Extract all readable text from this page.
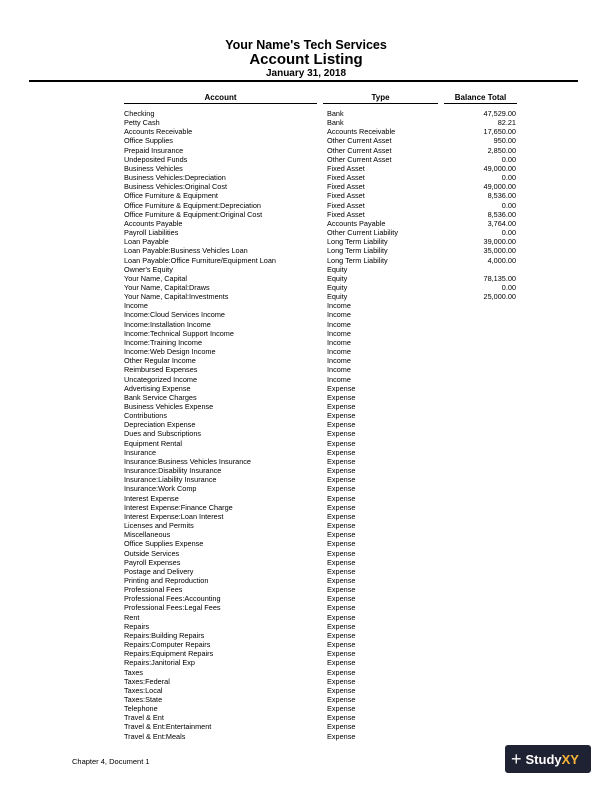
Your Name's Tech Services
Account Listing
January 31, 2018
Account	Type	Balance Total
Checking	Bank	47,529.00
Petty Cash	Bank	82.21
Accounts Receivable	Accounts Receivable	17,650.00
Office Supplies	Other Current Asset	950.00
Prepaid Insurance	Other Current Asset	2,850.00
Undeposited Funds	Other Current Asset	0.00
Business Vehicles	Fixed Asset	49,000.00
Business Vehicles:Depreciation	Fixed Asset	0.00
Business Vehicles:Original Cost	Fixed Asset	49,000.00
Office Furniture & Equipment	Fixed Asset	8,536.00
Office Furniture & Equipment:Depreciation	Fixed Asset	0.00
Office Furniture & Equipment:Original Cost	Fixed Asset	8,536.00
Accounts Payable	Accounts Payable	3,764.00
Payroll Liabilities	Other Current Liability	0.00
Loan Payable	Long Term Liability	39,000.00
Loan Payable:Business Vehicles Loan	Long Term Liability	35,000.00
Loan Payable:Office Furniture/Equipment Loan	Long Term Liability	4,000.00
Owner's Equity	Equity
Your Name, Capital	Equity	78,135.00
Your Name, Capital:Draws	Equity	0.00
Your Name, Capital:Investments	Equity	25,000.00
Income	Income
Income:Cloud Services Income	Income
Income:Installation Income	Income
Income:Technical Support Income	Income
Income:Training Income	Income
Income:Web Design Income	Income
Other Regular Income	Income
Reimbursed Expenses	Income
Uncategorized Income	Income
Advertising Expense	Expense
Bank Service Charges	Expense
Business Vehicles Expense	Expense
Contributions	Expense
Depreciation Expense	Expense
Dues and Subscriptions	Expense
Equipment Rental	Expense
Insurance	Expense
Insurance:Business Vehicles Insurance	Expense
Insurance:Disability Insurance	Expense
Insurance:Liability Insurance	Expense
Insurance:Work Comp	Expense
Interest Expense	Expense
Interest Expense:Finance Charge	Expense
Interest Expense:Loan Interest	Expense
Licenses and Permits	Expense
Miscellaneous	Expense
Office Supplies Expense	Expense
Outside Services	Expense
Payroll Expenses	Expense
Postage and Delivery	Expense
Printing and Reproduction	Expense
Professional Fees	Expense
Professional Fees:Accounting	Expense
Professional Fees:Legal Fees	Expense
Rent	Expense
Repairs	Expense
Repairs:Building Repairs	Expense
Repairs:Computer Repairs	Expense
Repairs:Equipment Repairs	Expense
Repairs:Janitorial Exp	Expense
Taxes	Expense
Taxes:Federal	Expense
Taxes:Local	Expense
Taxes:State	Expense
Telephone	Expense
Travel & Ent	Expense
Travel & Ent:Entertainment	Expense
Travel & Ent:Meals	Expense
Chapter 4, Document 1	+ Study XY
